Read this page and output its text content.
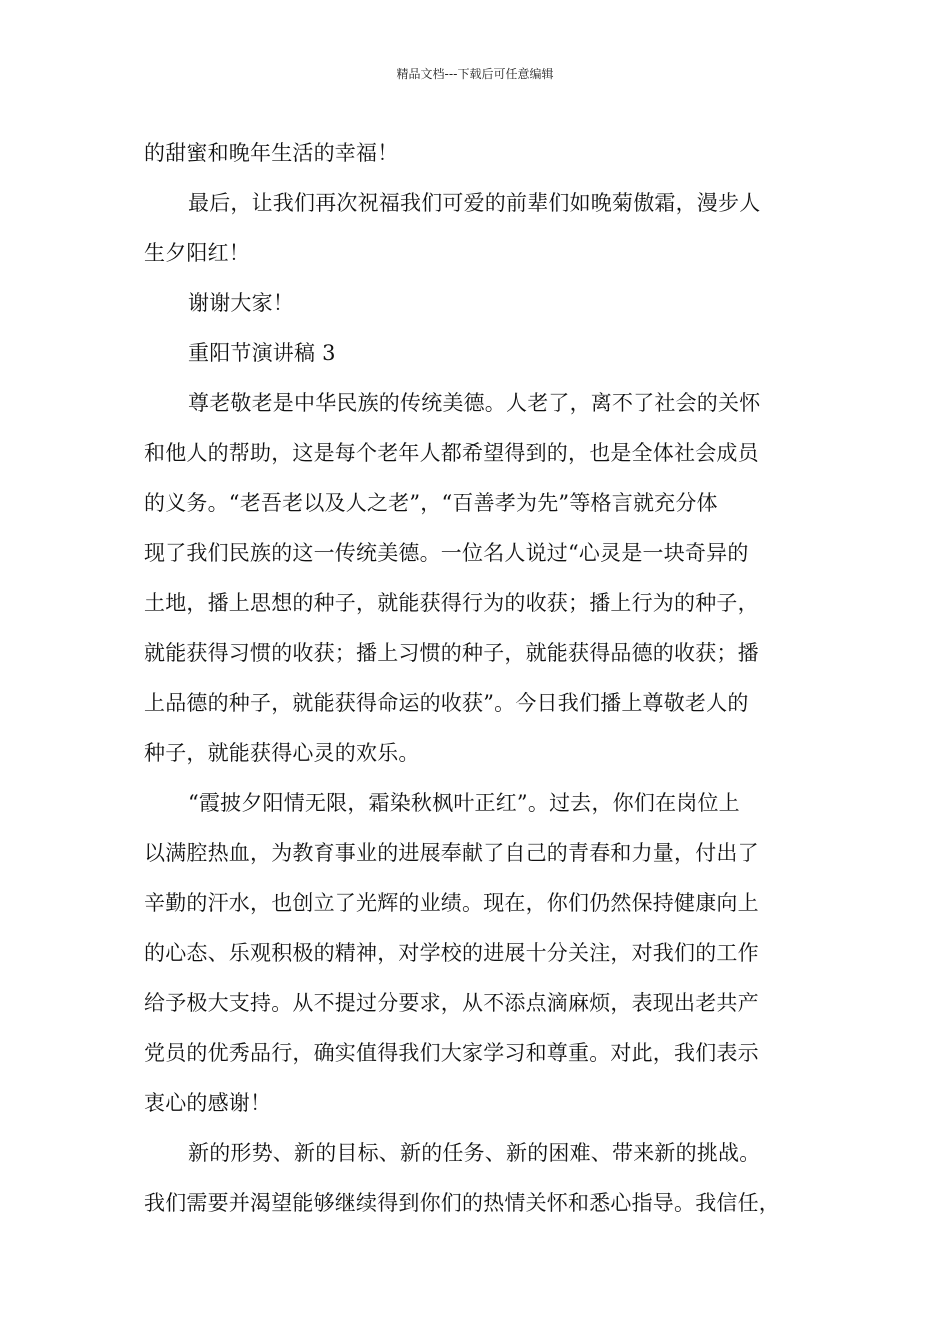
精品文档---下载后可任意编辑
的甜蜜和晚年生活的幸福！
最后，让我们再次祝福我们可爱的前辈们如晚菊傲霜，漫步人
生夕阳红！
谢谢大家！
重阳节演讲稿 3
尊老敬老是中华民族的传统美德。人老了，离不了社会的关怀
和他人的帮助，这是每个老年人都希望得到的，也是全体社会成员
的义务。“老吾老以及人之老”，“百善孝为先”等格言就充分体
现了我们民族的这一传统美德。一位名人说过“心灵是一块奇异的
土地，播上思想的种子，就能获得行为的收获；播上行为的种子，
就能获得习惯的收获；播上习惯的种子，就能获得品德的收获；播
上品德的种子，就能获得命运的收获”。今日我们播上尊敬老人的
种子，就能获得心灵的欢乐。
“霞披夕阳情无限，霜染秋枫叶正红”。过去，你们在岗位上
以满腔热血，为教育事业的进展奉献了自己的青春和力量，付出了
辛勤的汗水，也创立了光辉的业绩。现在，你们仍然保持健康向上
的心态、乐观积极的精神，对学校的进展十分关注，对我们的工作
给予极大支持。从不提过分要求，从不添点滴麻烦，表现出老共产
党员的优秀品行，确实值得我们大家学习和尊重。对此，我们表示
衷心的感谢！
新的形势、新的目标、新的任务、新的困难、带来新的挑战。
我们需要并渴望能够继续得到你们的热情关怀和悉心指导。我信任，
